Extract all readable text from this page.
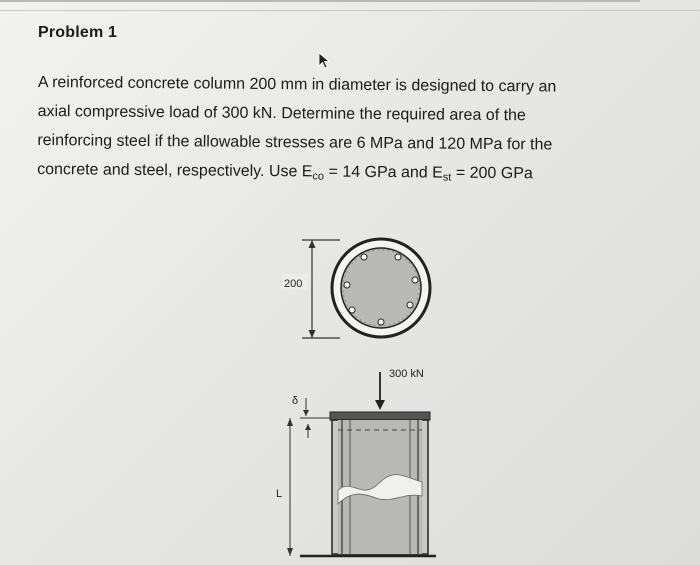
Problem 1

A reinforced concrete column 200 mm in diameter is designed to carry an
axial compressive load of 300 kN. Determine the required area of the
reinforcing steel if the allowable stresses are 6 MPa and 120 MPa for the
concrete and steel, respectively. Use $E_{co} = 14$ GPa and $E_{st} = 200$ GPa

200
300 kN
δ
L
